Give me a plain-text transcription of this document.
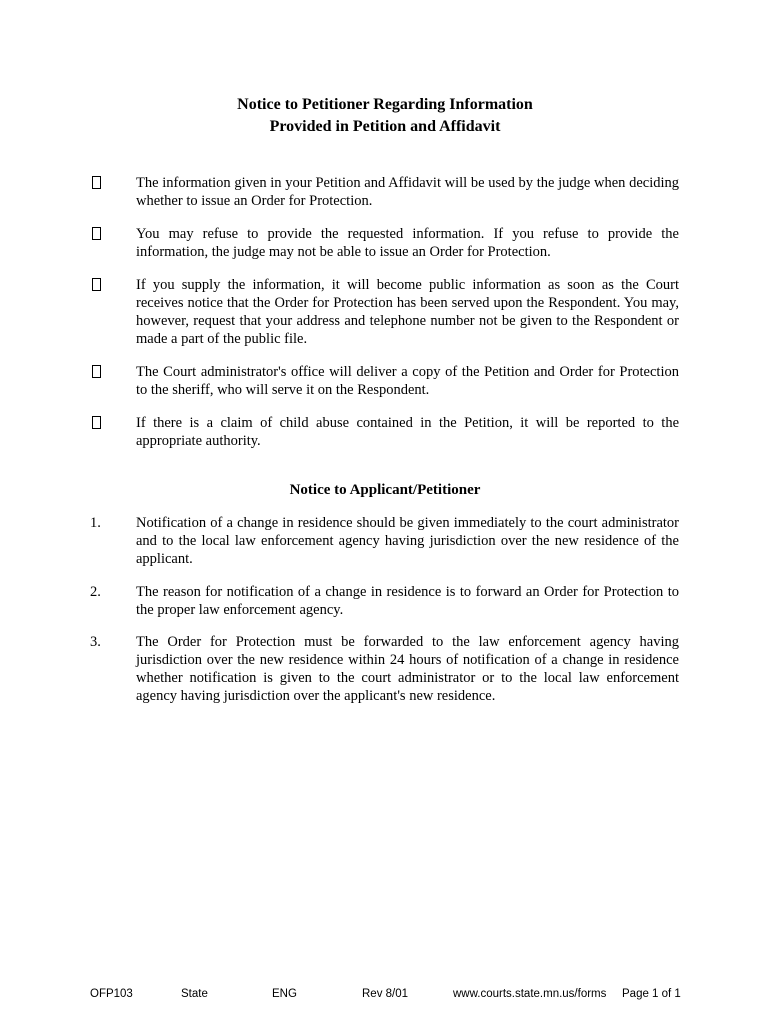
Notice to Petitioner Regarding Information
Provided in Petition and Affidavit
The information given in your Petition and Affidavit will be used by the judge when deciding whether to issue an Order for Protection.
You may refuse to provide the requested information. If you refuse to provide the information, the judge may not be able to issue an Order for Protection.
If you supply the information, it will become public information as soon as the Court receives notice that the Order for Protection has been served upon the Respondent. You may, however, request that your address and telephone number not be given to the Respondent or made a part of the public file.
The Court administrator's office will deliver a copy of the Petition and Order for Protection to the sheriff, who will serve it on the Respondent.
If there is a claim of child abuse contained in the Petition, it will be reported to the appropriate authority.
Notice to Applicant/Petitioner
1. Notification of a change in residence should be given immediately to the court administrator and to the local law enforcement agency having jurisdiction over the new residence of the applicant.
2. The reason for notification of a change in residence is to forward an Order for Protection to the proper law enforcement agency.
3. The Order for Protection must be forwarded to the law enforcement agency having jurisdiction over the new residence within 24 hours of notification of a change in residence whether notification is given to the court administrator or to the local law enforcement agency having jurisdiction over the applicant's new residence.
OFP103	State	ENG	Rev 8/01	www.courts.state.mn.us/forms Page 1 of 1
